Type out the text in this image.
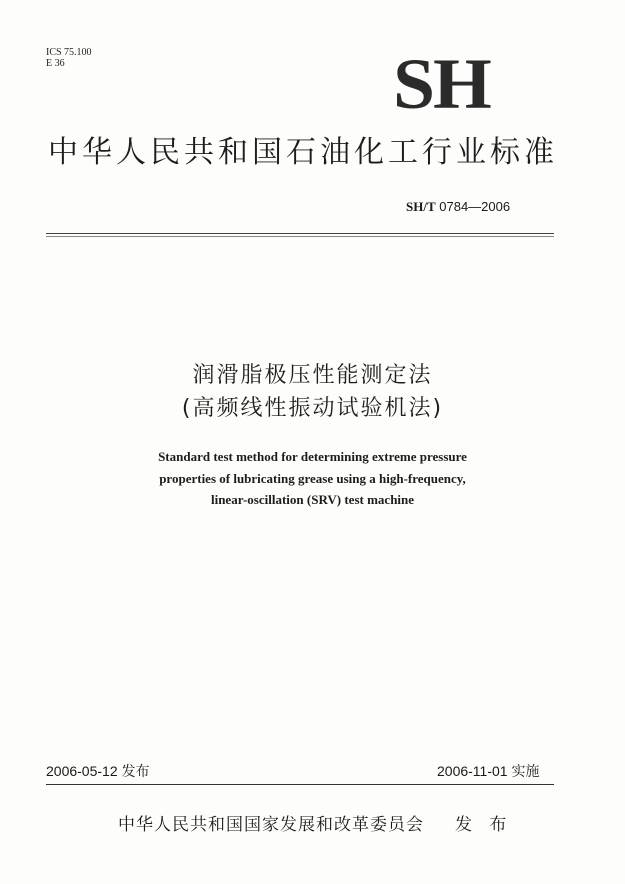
ICS 75.100
E 36	SH
中华人民共和国石油化工行业标准
SH/T 0784—2006
润滑脂极压性能测定法
(高频线性振动试验机法)
Standard test method for determining extreme pressure
properties of lubricating grease using a high-frequency,
linear-oscillation (SRV) test machine
2006-05-12 发布	2006-11-01 实施
中华人民共和国国家发展和改革委员会 发 布
